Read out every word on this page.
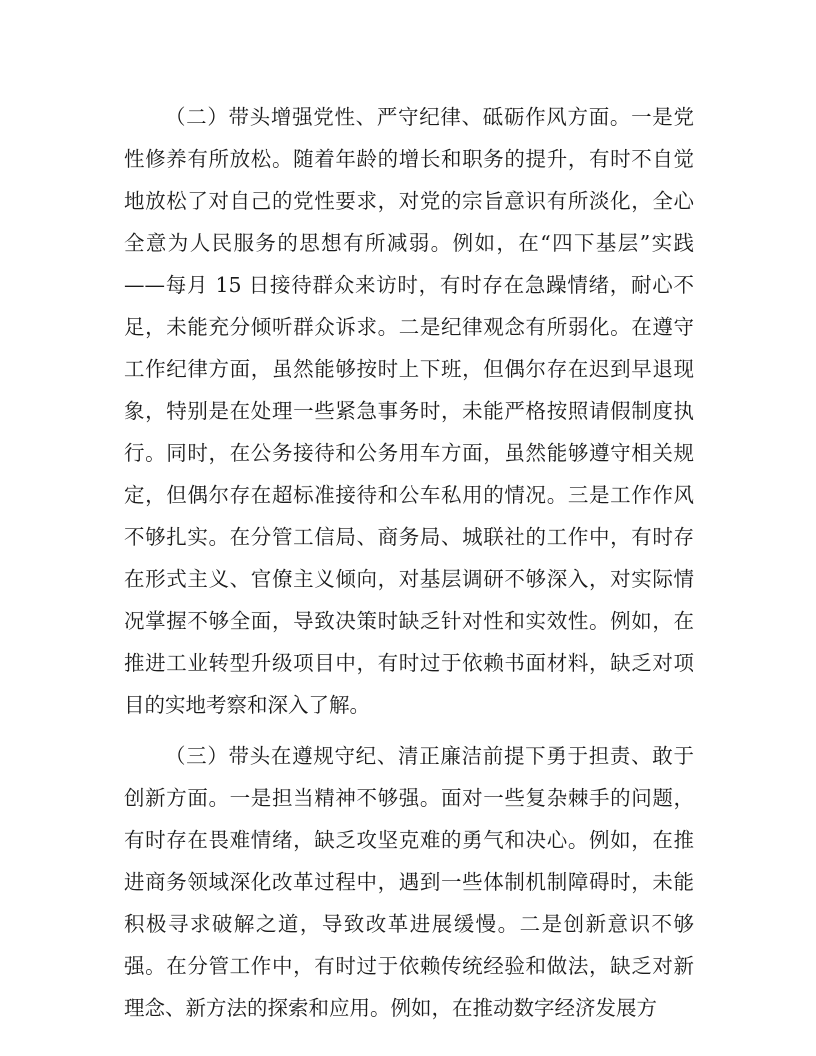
（二）带头增强党性、严守纪律、砥砺作风方面。一是党性修养有所放松。随着年龄的增长和职务的提升，有时不自觉地放松了对自己的党性要求，对党的宗旨意识有所淡化，全心全意为人民服务的思想有所减弱。例如，在“四下基层”实践——每月 15 日接待群众来访时，有时存在急躁情绪，耐心不足，未能充分倾听群众诉求。二是纪律观念有所弱化。在遵守工作纪律方面，虽然能够按时上下班，但偶尔存在迟到早退现象，特别是在处理一些紧急事务时，未能严格按照请假制度执行。同时，在公务接待和公务用车方面，虽然能够遵守相关规定，但偶尔存在超标准接待和公车私用的情况。三是工作作风不够扎实。在分管工信局、商务局、城联社的工作中，有时存在形式主义、官僚主义倾向，对基层调研不够深入，对实际情况掌握不够全面，导致决策时缺乏针对性和实效性。例如，在推进工业转型升级项目中，有时过于依赖书面材料，缺乏对项目的实地考察和深入了解。

（三）带头在遵规守纪、清正廉洁前提下勇于担责、敢于创新方面。一是担当精神不够强。面对一些复杂棘手的问题，有时存在畏难情绪，缺乏攻坚克难的勇气和决心。例如，在推进商务领域深化改革过程中，遇到一些体制机制障碍时，未能积极寻求破解之道，导致改革进展缓慢。二是创新意识不够强。在分管工作中，有时过于依赖传统经验和做法，缺乏对新理念、新方法的探索和应用。例如，在推动数字经济发展方
